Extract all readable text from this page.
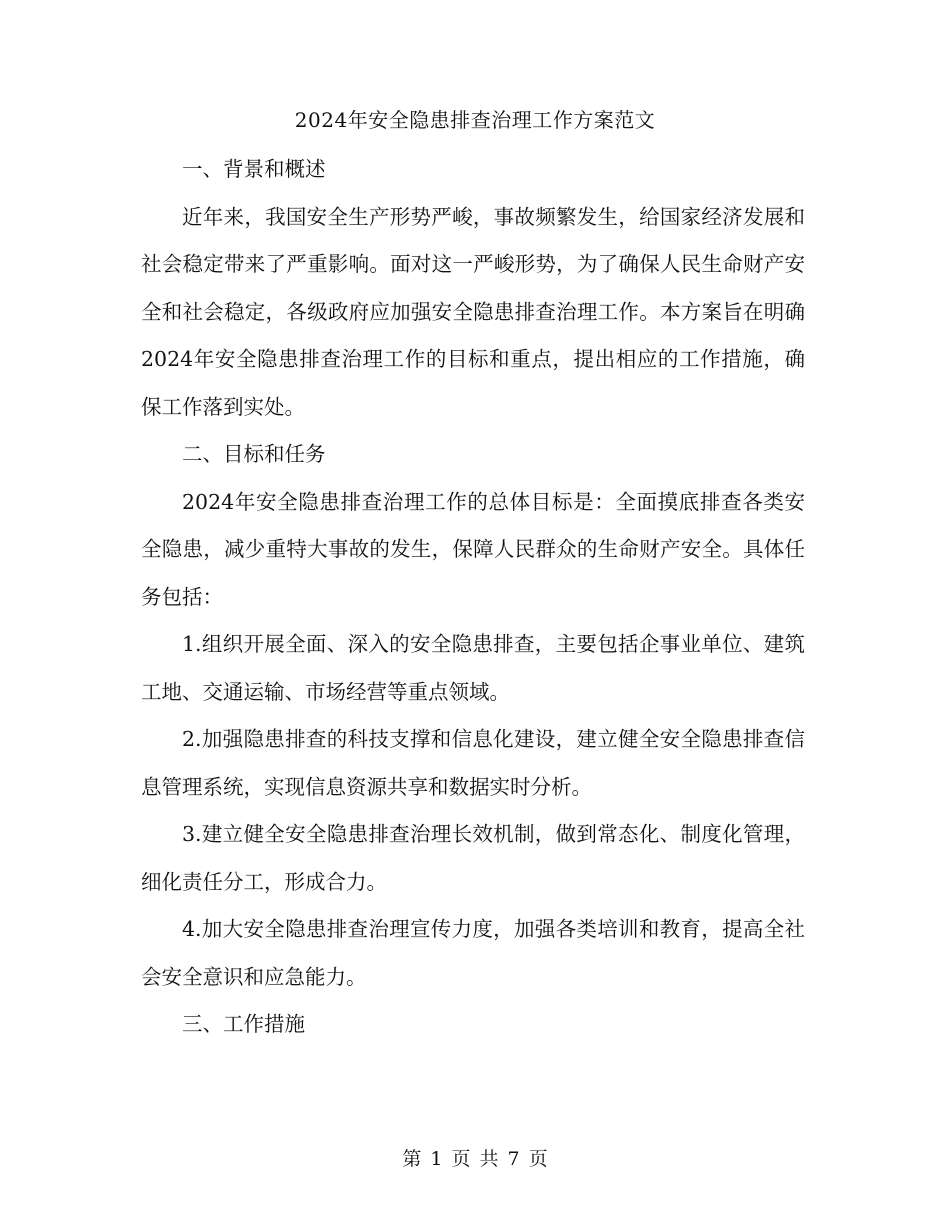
2024年安全隐患排查治理工作方案范文

一、背景和概述

近年来，我国安全生产形势严峻，事故频繁发生，给国家经济发展和社会稳定带来了严重影响。面对这一严峻形势，为了确保人民生命财产安全和社会稳定，各级政府应加强安全隐患排查治理工作。本方案旨在明确2024年安全隐患排查治理工作的目标和重点，提出相应的工作措施，确保工作落到实处。

二、目标和任务

2024年安全隐患排查治理工作的总体目标是：全面摸底排查各类安全隐患，减少重特大事故的发生，保障人民群众的生命财产安全。具体任务包括：

1.组织开展全面、深入的安全隐患排查，主要包括企事业单位、建筑工地、交通运输、市场经营等重点领域。

2.加强隐患排查的科技支撑和信息化建设，建立健全安全隐患排查信息管理系统，实现信息资源共享和数据实时分析。

3.建立健全安全隐患排查治理长效机制，做到常态化、制度化管理，细化责任分工，形成合力。

4.加大安全隐患排查治理宣传力度，加强各类培训和教育，提高全社会安全意识和应急能力。

三、工作措施

第 1 页 共 7 页
